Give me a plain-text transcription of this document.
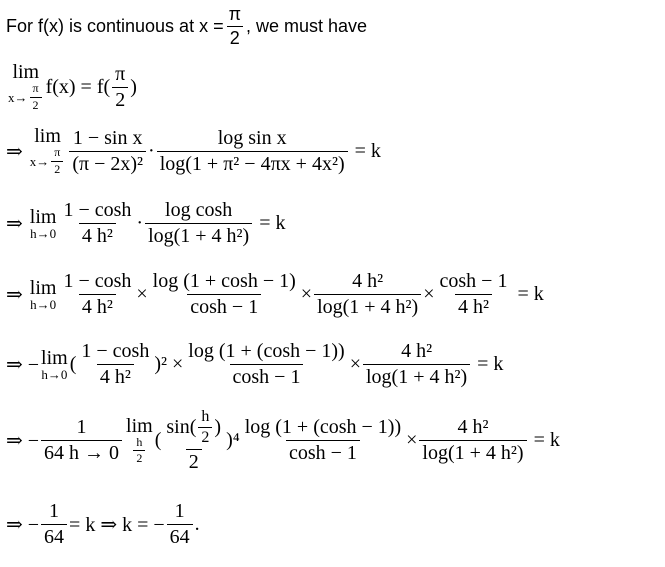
For f(x) is continuous at $x = \frac{\pi}{2}$ , we must have
lim
$x\to \frac{\pi}{2} f(x) = f( \frac{\pi}{2}$ )
⇒
lim
$x\to \frac{\pi}{2} \frac{\text{1 − sin x}}{\text{(π − 2x)²}} \cdot \frac{\text{log sin x}}{\text{log(1 + π² − 4πx + 4x²)}} = k$
⇒ lim
$h\to 0 \frac{1 - \cosh}{\text{4 h²}} \cdot \frac{\text{log cosh}}{\text{log(1 + 4 h²)}} = k$
⇒ lim
$h\to 0 \frac{1 - \cosh}{\text{4 h²}} \times \frac{\log (1 + \cosh - 1)}{\cosh - 1} \times \frac{\text{4 h²}}{\text{log(1 + 4 h²)}} \times \frac{\cosh - 1}{\text{4 h²}} = k$
⇒ − lim
h→0 ( $\frac{1 - \cosh}{\text{4 h²}} )^2 \times \frac{\log (1 + (\cosh - 1))}{\cosh - 1} \times \frac{\text{4 h²}}{\text{log(1 + 4 h²)}} = k$
⇒ − $\frac{1}{64 h \to 0}$ lim
$\frac{h}{2}$ ( $\frac{\sin( \frac{h}{2} )}{2} )^4 \frac{\log (1 + (\cosh - 1))}{\cosh - 1} \times \frac{\text{4 h²}}{\text{log(1 + 4 h²)}} = k$
⇒ − $\frac{1}{64} = k$ ⇒ k = − $\frac{1}{64}$ .
